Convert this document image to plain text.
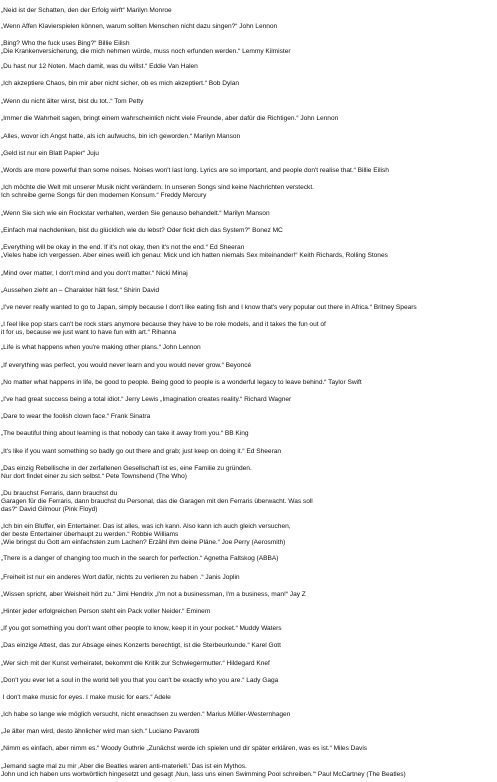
„Neid ist der Schatten, den der Erfolg wirft“ Marilyn Monroe

„Wenn Affen Klavierspielen können, warum sollten Menschen nicht dazu singen?“ John Lennon

„Bing? Who the fuck uses Bing?“ Billie Eilish
„Die Krankenversicherung, die mich nehmen würde, muss noch erfunden werden.“ Lemmy Kilmister

„Du hast nur 12 Noten. Mach damit, was du willst.“ Eddie Van Halen

„Ich akzeptiere Chaos, bin mir aber nicht sicher, ob es mich akzeptiert.“ Bob Dylan

„Wenn du nicht älter wirst, bist du tot..“ Tom Petty

„Immer die Wahrheit sagen, bringt einem wahrscheinlich nicht viele Freunde, aber dafür die Richtigen.“ John Lennon

„Alles, wovor ich Angst hatte, als ich aufwuchs, bin ich geworden.“ Marilyn Manson

„Geld ist nur ein Blatt Papier“ Juju

„Words are more powerful than some noises. Noises won't last long. Lyrics are so important, and people don't realise that.“ Billie Eilish

„Ich möchte die Welt mit unserer Musik nicht verändern. In unseren Songs sind keine Nachrichten versteckt.
Ich schreibe gerne Songs für den modernen Konsum.“ Freddy Mercury

„Wenn Sie sich wie ein Rockstar verhalten, werden Sie genauso behandelt.“ Marilyn Manson

„Einfach mal nachdenken, bist du glücklich wie du lebst? Oder fickt dich das System?“ Bonez MC

„Everything will be okay in the end. If it's not okay, then it's not the end.“ Ed Sheeran
„Vieles habe ich vergessen. Aber eines weiß ich genau: Mick und ich hatten niemals Sex miteinander!“ Keith Richards, Rolling Stones

„Mind over matter, I don't mind and you don't matter.“ Nicki Minaj

„Aussehen zieht an – Charakter hält fest.“ Shirin David

„I've never really wanted to go to Japan, simply because I don't like eating fish and I know that's very popular out there in Africa.“ Britney Spears

„I feel like pop stars can't be rock stars anymore because they have to be role models, and it takes the fun out of
it for us, because we just want to have fun with art.“ Rihanna

„Life is what happens when you're making other plans.“ John Lennon

„If everything was perfect, you would never learn and you would never grow.“ Beyoncé

„No matter what happens in life, be good to people. Being good to people is a wonderful legacy to leave behind.“ Taylor Swift

„I've had great success being a total idiot.“ Jerry Lewis „Imagination creates reality.“ Richard Wagner

„Dare to wear the foolish clown face.“ Frank Sinatra

„The beautiful thing about learning is that nobody can take it away from you.“ BB King

„It's like if you want something so badly go out there and grab; just keep on doing it.“ Ed Sheeran

„Das einzig Rebellische in der zerfallenen Gesellschaft ist es, eine Familie zu gründen.
Nur dort findet einer zu sich selbst.“ Pete Townshend (The Who)

„Du brauchst Ferraris, dann brauchst du
Garagen für die Ferraris, dann brauchst du Personal, das die Garagen mit den Ferraris überwacht. Was soll
das?“ David Gilmour (Pink Floyd)

„Ich bin ein Bluffer, ein Entertainer. Das ist alles, was ich kann. Also kann ich auch gleich versuchen,
der beste Entertainer überhaupt zu werden.“ Robbie Williams
„Wie bringst du Gott am einfachsten zum Lachen? Erzähl ihm deine Pläne.“ Joe Perry (Aerosmith)

„There is a danger of changing too much in the search for perfection.“ Agnetha Faltskog (ABBA)

„Freiheit ist nur ein anderes Wort dafür, nichts zu verlieren zu haben .“ Janis Joplin

„Wissen spricht, aber Weisheit hört zu.“ Jimi Hendrix „I'm not a businessman, I'm a business, man!“ Jay Z

„Hinter jeder erfolgreichen Person steht ein Pack voller Neider.“ Eminem

„If you got something you don't want other people to know, keep it in your pocket.“ Muddy Waters

„Das einzige Attest, das zur Absage eines Konzerts berechtigt, ist die Sterbeurkunde.“ Karel Gott

„Wer sich mit der Kunst verheiratet, bekommt die Kritik zur Schwiegermutter.“ Hildegard Knef

„Don't you ever let a soul in the world tell you that you can't be exactly who you are.“ Lady Gaga

I don't make music for eyes. I make music for ears.“ Adele

„Ich habe so lange wie möglich versucht, nicht erwachsen zu werden.“ Marius Müller-Westernhagen

„Je älter man wird, desto ähnlicher wird man sich.“ Luciano Pavarotti

„Nimm es einfach, aber nimm es.“ Woody Guthrie „Zunächst werde ich spielen und dir später erklären, was es ist.“ Miles Davis

„Jemand sagte mal zu mir ‚Aber die Beatles waren anti-materiell.' Das ist ein Mythos.
John und ich haben uns wortwörtlich hingesetzt und gesagt ‚Nun, lass uns einen Swimming Pool schreiben.'“ Paul McCartney (The Beatles)
